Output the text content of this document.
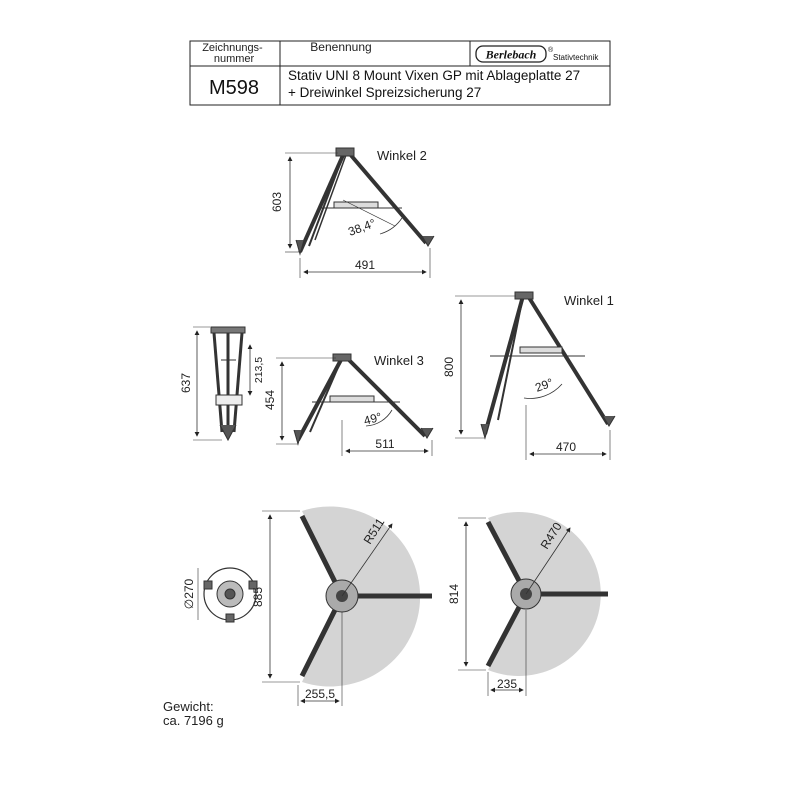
Zeichnungs- nummer
Benennung
Berlebach ®
Stativtechnik
M598
Stativ UNI 8 Mount Vixen GP mit Ablageplatte 27
+ Dreiwinkel Spreizsicherung 27
Winkel 2
603
491
38,4°
637	213,5	Winkel 3
454
511
49°
Winkel 1
800
470
29°
∅270
R511
885
255,5
R470
814
235
Gewicht:
ca. 7196 g
